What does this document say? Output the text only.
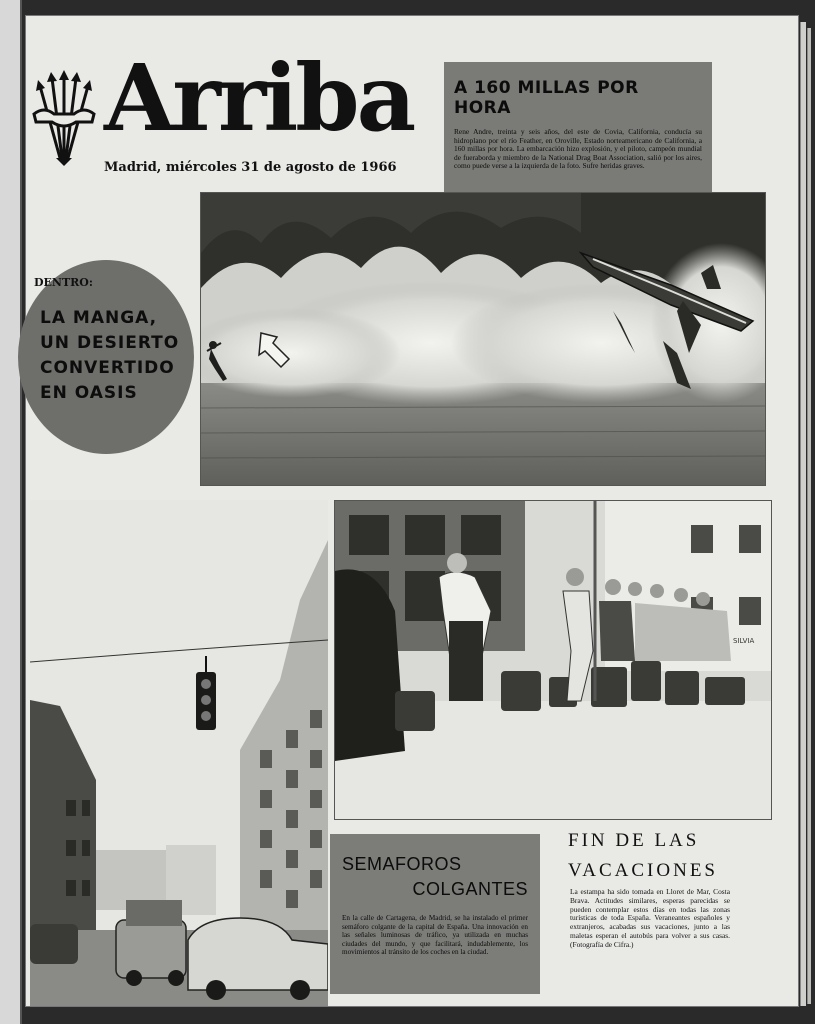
Arriba
Madrid, miércoles 31 de agosto de 1966
A 160 MILLAS POR HORA
Rene Andre, treinta y seis años, del este de Covia, California, conducía su hidroplano por el río Feather, en Oroville, Estado norteamericano de California, a 160 millas por hora. La embarcación hizo explosión, y el piloto, campeón mundial de fueraborda y miembro de la National Drag Boat Association, salió por los aires, como puede verse a la izquierda de la foto. Sufre heridas graves.
DENTRO:
LA MANGA,
UN DESIERTO
CONVERTIDO
EN OASIS
SILVIA
SEMAFOROS
COLGANTES
En la calle de Cartagena, de Madrid, se ha instalado el primer semáforo colgante de la capital de España. Una innovación en las señales luminosas de tráfico, ya utilizada en muchas ciudades del mundo, y que facilitará, indudablemente, los movimientos al tránsito de los coches en la ciudad.
FIN DE LAS
VACACIONES
La estampa ha sido tomada en Lloret de Mar, Costa Brava. Actitudes similares, esperas parecidas se pueden contemplar estos días en todas las zonas turísticas de toda España. Veraneantes españoles y extranjeros, acabadas sus vacaciones, junto a las maletas esperan el autobús para volver a sus casas. (Fotografía de Cifra.)
